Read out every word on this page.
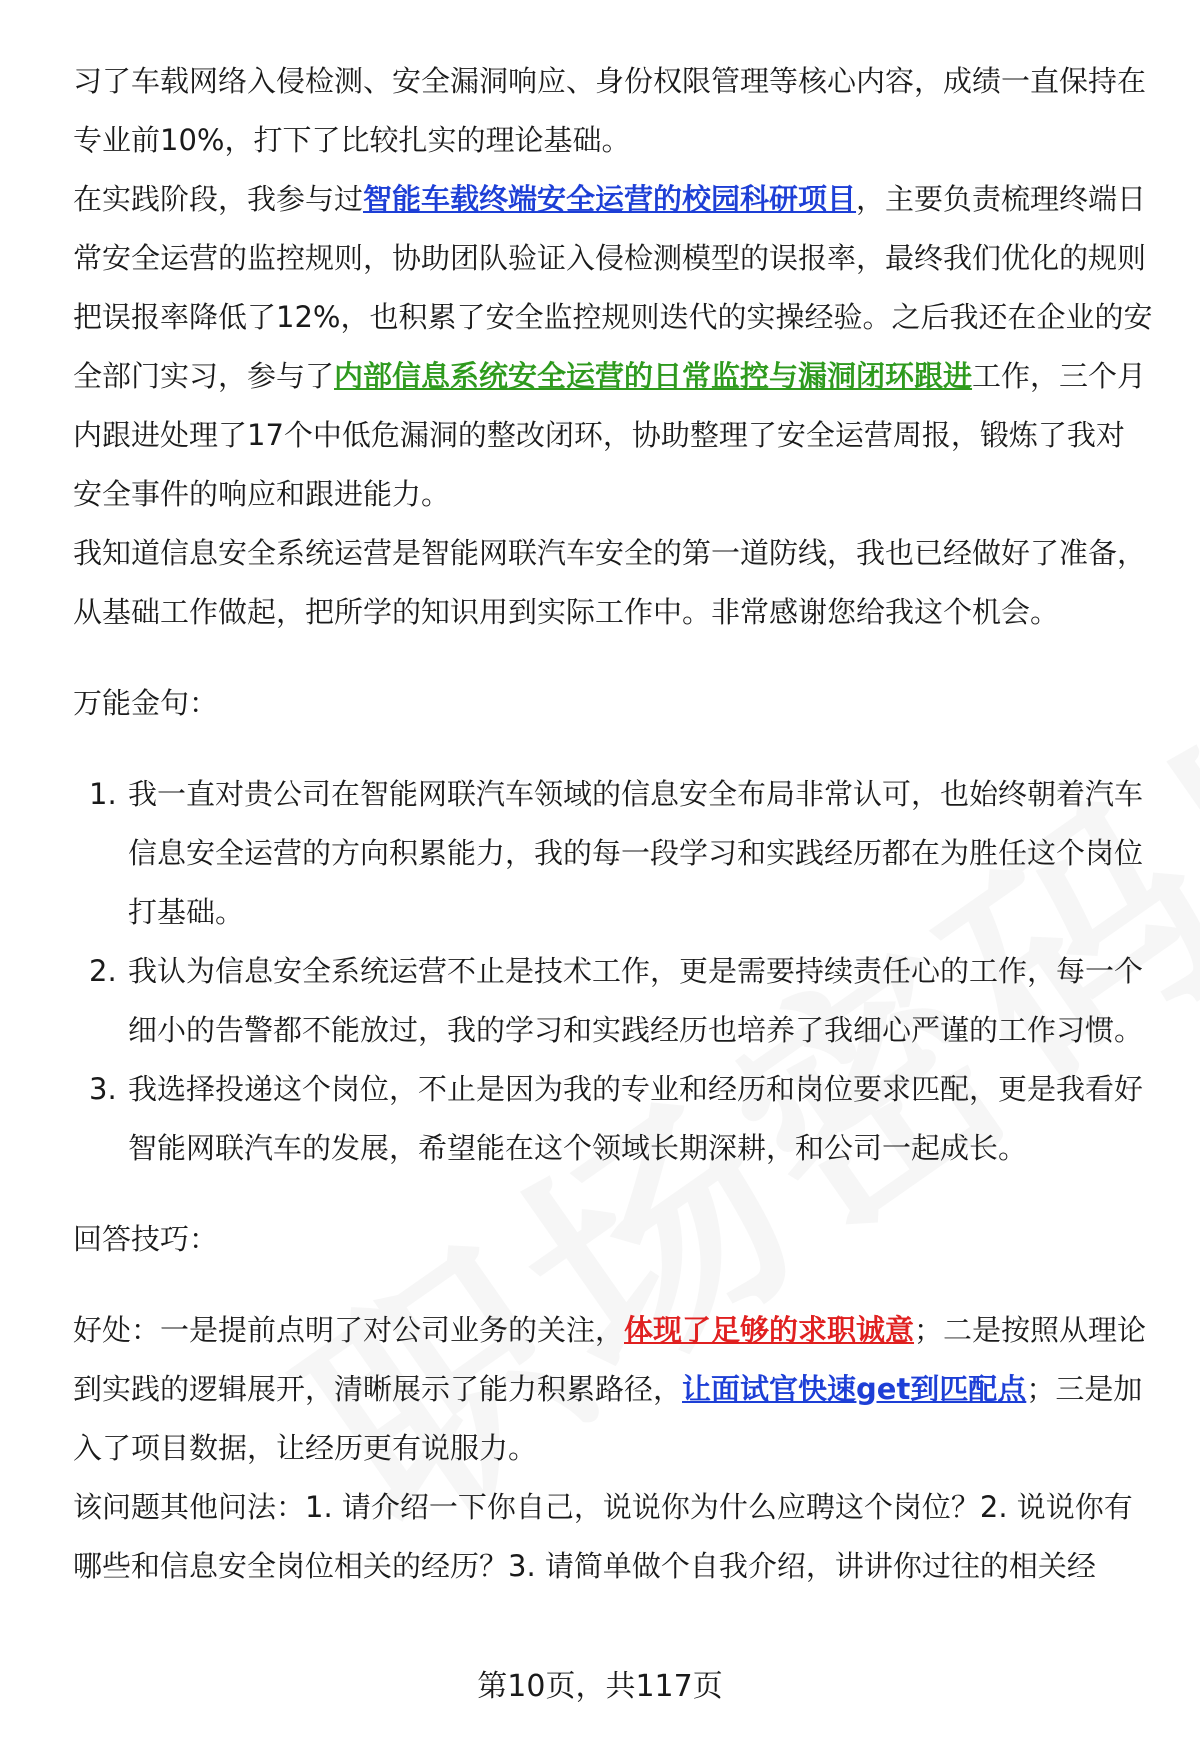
习了车载网络入侵检测、安全漏洞响应、身份权限管理等核心内容，成绩一直保持在专业前10%，打下了比较扎实的理论基础。

在实践阶段，我参与过智能车载终端安全运营的校园科研项目，主要负责梳理终端日常安全运营的监控规则，协助团队验证入侵检测模型的误报率，最终我们优化的规则把误报率降低了12%，也积累了安全监控规则迭代的实操经验。之后我还在企业的安全部门实习，参与了内部信息系统安全运营的日常监控与漏洞闭环跟进工作，三个月内跟进处理了17个中低危漏洞的整改闭环，协助整理了安全运营周报，锻炼了我对安全事件的响应和跟进能力。

我知道信息安全系统运营是智能网联汽车安全的第一道防线，我也已经做好了准备，从基础工作做起，把所学的知识用到实际工作中。非常感谢您给我这个机会。

万能金句：

1. 我一直对贵公司在智能网联汽车领域的信息安全布局非常认可，也始终朝着汽车信息安全运营的方向积累能力，我的每一段学习和实践经历都在为胜任这个岗位打基础。
2. 我认为信息安全系统运营不止是技术工作，更是需要持续责任心的工作，每一个细小的告警都不能放过，我的学习和实践经历也培养了我细心严谨的工作习惯。
3. 我选择投递这个岗位，不止是因为我的专业和经历和岗位要求匹配，更是我看好智能网联汽车的发展，希望能在这个领域长期深耕，和公司一起成长。

回答技巧：

好处：一是提前点明了对公司业务的关注，体现了足够的求职诚意；二是按照从理论到实践的逻辑展开，清晰展示了能力积累路径，让面试官快速get到匹配点；三是加入了项目数据，让经历更有说服力。

该问题其他问法：1. 请介绍一下你自己，说说你为什么应聘这个岗位？2. 说说你有哪些和信息安全岗位相关的经历？3. 请简单做个自我介绍，讲讲你过往的相关经

第10页，共117页
